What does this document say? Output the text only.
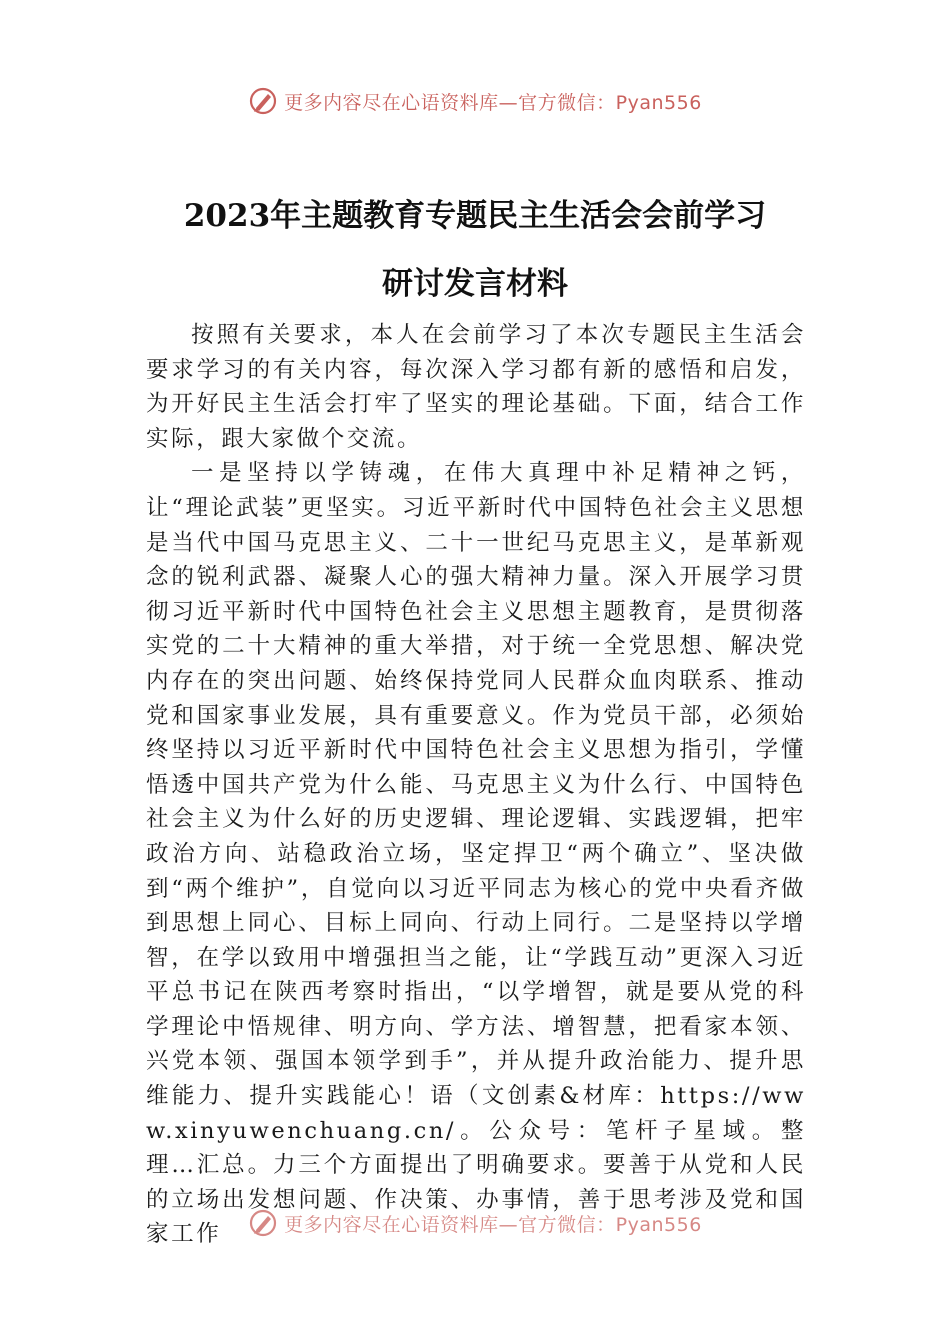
更多内容尽在心语资料库—官方微信：Pyan556
2023年主题教育专题民主生活会会前学习
研讨发言材料

按照有关要求，本人在会前学习了本次专题民主生活会要求学习的有关内容，每次深入学习都有新的感悟和启发，为开好民主生活会打牢了坚实的理论基础。下面，结合工作实际，跟大家做个交流。

一是坚持以学铸魂，在伟大真理中补足精神之钙，让“理论武装”更坚实。习近平新时代中国特色社会主义思想是当代中国马克思主义、二十一世纪马克思主义，是革新观念的锐利武器、凝聚人心的强大精神力量。深入开展学习贯彻习近平新时代中国特色社会主义思想主题教育，是贯彻落实党的二十大精神的重大举措，对于统一全党思想、解决党内存在的突出问题、始终保持党同人民群众血肉联系、推动党和国家事业发展，具有重要意义。作为党员干部，必须始终坚持以习近平新时代中国特色社会主义思想为指引，学懂悟透中国共产党为什么能、马克思主义为什么行、中国特色社会主义为什么好的历史逻辑、理论逻辑、实践逻辑，把牢政治方向、站稳政治立场，坚定捍卫“两个确立”、坚决做到“两个维护”，自觉向以习近平同志为核心的党中央看齐做到思想上同心、目标上同向、行动上同行。二是坚持以学增智，在学以致用中增强担当之能，让“学践互动”更深入习近平总书记在陕西考察时指出，“以学增智，就是要从党的科学理论中悟规律、明方向、学方法、增智慧，把看家本领、兴党本领、强国本领学到手”，并从提升政治能力、提升思维能力、提升实践能心！语（文创素&材库：https://www.xinyuwenchuang.cn/。公众号：笔杆子星域。整理…汇总。力三个方面提出了明确要求。要善于从党和人民的立场出发想问题、作决策、办事情，善于思考涉及党和国家工作	更多内容尽在心语资料库—官方微信：Pyan556
